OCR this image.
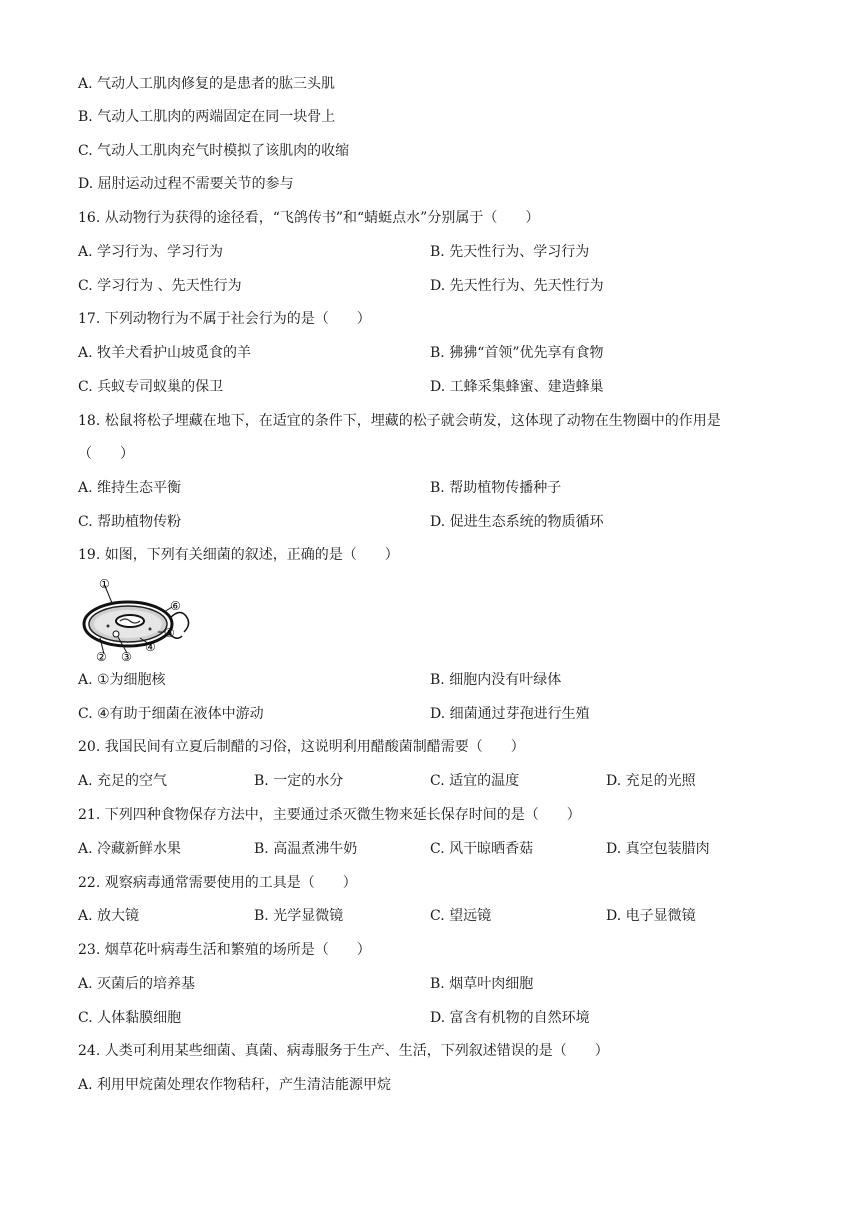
A. 气动人工肌肉修复的是患者的肱三头肌
B. 气动人工肌肉的两端固定在同一块骨上
C. 气动人工肌肉充气时模拟了该肌肉的收缩
D. 屈肘运动过程不需要关节的参与
16. 从动物行为获得的途径看，“飞鸽传书”和“蜻蜓点水”分别属于（　　）
A. 学习行为、学习行为	B. 先天性行为、学习行为
C. 学习行为 、先天性行为	D. 先天性行为、先天性行为
17. 下列动物行为不属于社会行为的是（　　）
A. 牧羊犬看护山坡觅食的羊	B. 狒狒“首领”优先享有食物
C. 兵蚁专司蚁巢的保卫	D. 工蜂采集蜂蜜、建造蜂巢
18. 松鼠将松子埋藏在地下，在适宜的条件下，埋藏的松子就会萌发，这体现了动物在生物圈中的作用是
（　　）
A. 维持生态平衡	B. 帮助植物传播种子
C. 帮助植物传粉	D. 促进生态系统的物质循环
19. 如图，下列有关细菌的叙述，正确的是（　　）
①
② ③
④
⑤
⑥
A. ①为细胞核	B. 细胞内没有叶绿体
C. ④有助于细菌在液体中游动	D. 细菌通过芽孢进行生殖
20. 我国民间有立夏后制醋的习俗，这说明利用醋酸菌制醋需要（　　）
A. 充足的空气	B. 一定的水分	C. 适宜的温度	D. 充足的光照
21. 下列四种食物保存方法中，主要通过杀灭微生物来延长保存时间的是（　　）
A. 冷藏新鲜水果	B. 高温煮沸牛奶	C. 风干晾晒香菇	D. 真空包装腊肉
22. 观察病毒通常需要使用的工具是（　　）
A. 放大镜	B. 光学显微镜	C. 望远镜	D. 电子显微镜
23. 烟草花叶病毒生活和繁殖的场所是（　　）
A. 灭菌后的培养基	B. 烟草叶肉细胞
C. 人体黏膜细胞	D. 富含有机物的自然环境
24. 人类可利用某些细菌、真菌、病毒服务于生产、生活，下列叙述错误的是（　　）
A. 利用甲烷菌处理农作物秸秆，产生清洁能源甲烷
